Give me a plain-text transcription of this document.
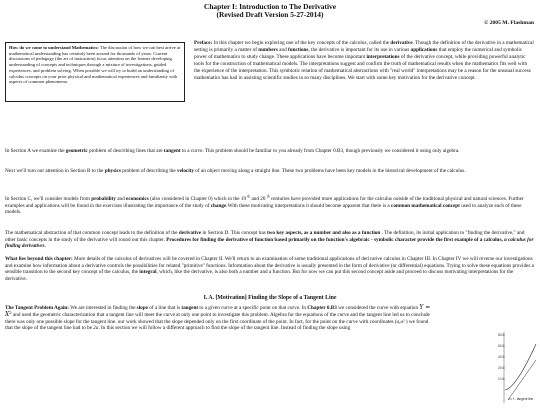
Chapter I: Introduction to The Derivative
(Revised Draft Version 5-27-2014)
© 2005 M. Flashman
How do we come to understand Mathematics: The discussion of how we can best arrive at mathematical understanding has certainly been around for thousands of years. Current discussions of pedagogy (the art of instruction) focus attention on the learner developing understanding of concepts and techniques through a mixture of investigations, guided experiences, and problem solving. When possible we will try to build an understanding of calculus concepts on your prior physical and mathematical experiences and familiarity with aspects of common phenomena.
Preface: In this chapter we begin exploring one of the key concepts of the calculus, called the derivative. Though the definition of the derivative in a mathematical setting is primarily a matter of numbers and functions, the derivative is important for its use in various applications that employ the numerical and symbolic power of mathematics to study change. These applications have become important interpretations of the derivative concept, while providing powerful analytic tools for the construction of mathematical models. The interpretations suggest and confirm the truth of mathematical results when the mathematics fits well with the experience of the interpretation. This symbiotic relation of mathematical abstractions with "real world" interpretations may be a reason for the unusual success mathematics has had in assisting scientific studies in so many disciplines. We start with some key motivation for the derivative concept.
In Section A we examine the geometric problem of describing lines that are tangent to a curve. This problem should be familiar to you already from Chapter 0.B3, though previously we considered it using only algebra.
Next we'll turn our attention in Section B to the physics problem of describing the velocity of an object moving along a straight line. These two problems have been key models in the historical development of the calculus.
In Section C, we'll consider models from probability and economics (also considered in Chapter 0) which in the 19 $^{th}$ and 20 $^{th}$ centuries have provided more applications for the calculus outside of the traditional physical and natural sciences. Further examples and applications will be found in the exercises illustrating the importance of the study of change.With these motivating interpretations it should become apparent that there is a common mathematical concept used to analyze each of these models.
The mathematical abstraction of that common concept leads to the definition of the derivative in Section D. This concept has two key aspects, as a number and also as a function . The definition, its initial application to "finding the derivative," and other basic concepts in the study of the derivative will round out this chapter. Procedures for finding the derivative of function based primarily on the function's algebraic - symbolic character provide the first example of a calculus, a calculus for finding derivatives.
What lies beyond this chapter: More details of the calculus of derivatives will be covered in Chapter II. We'll return to an examination of some traditional applications of derivative calculus in Chapter III. In Chapter IV we will reverse our investigations and examine how information about a derivative controls the possibilities for related "primitive" functions. Information about the derivative is usually presented in the form of derivative (or differential) equations. Trying to solve these equations provides a sensible transition to the second key concept of the calculus, the integral, which, like the derivative, is also both a number and a function. But for now we can put this second concept aside and proceed to discuss motivating interpretations for the derivative.
I. A. [Motivation] Finding the Slope of a Tangent Line
The Tangent Problem Again: We are interested in finding the slope of a line that is tangent to a given curve at a specific point on that curve. In Chapter 0.B3 we considered the curve with equation Y = X² and used the geometric characterization that a tangent line will meet the curve at only one point to investigate this problem. Algebra for the equations of the curve and the tangent line led us to conclude there was only one possible slope for the tangent line. our work showed that the slope depended only on the first coordinate of the point. In fact, for the point on the curve with coordinates (a,a² ) we found that the slope of the tangent line had to be 2a. In this section we will follow a different approach to find the slope of the tangent line. Instead of finding the slope using
80.0
60.0
40.0
20.0
10.0
f - tangent line
